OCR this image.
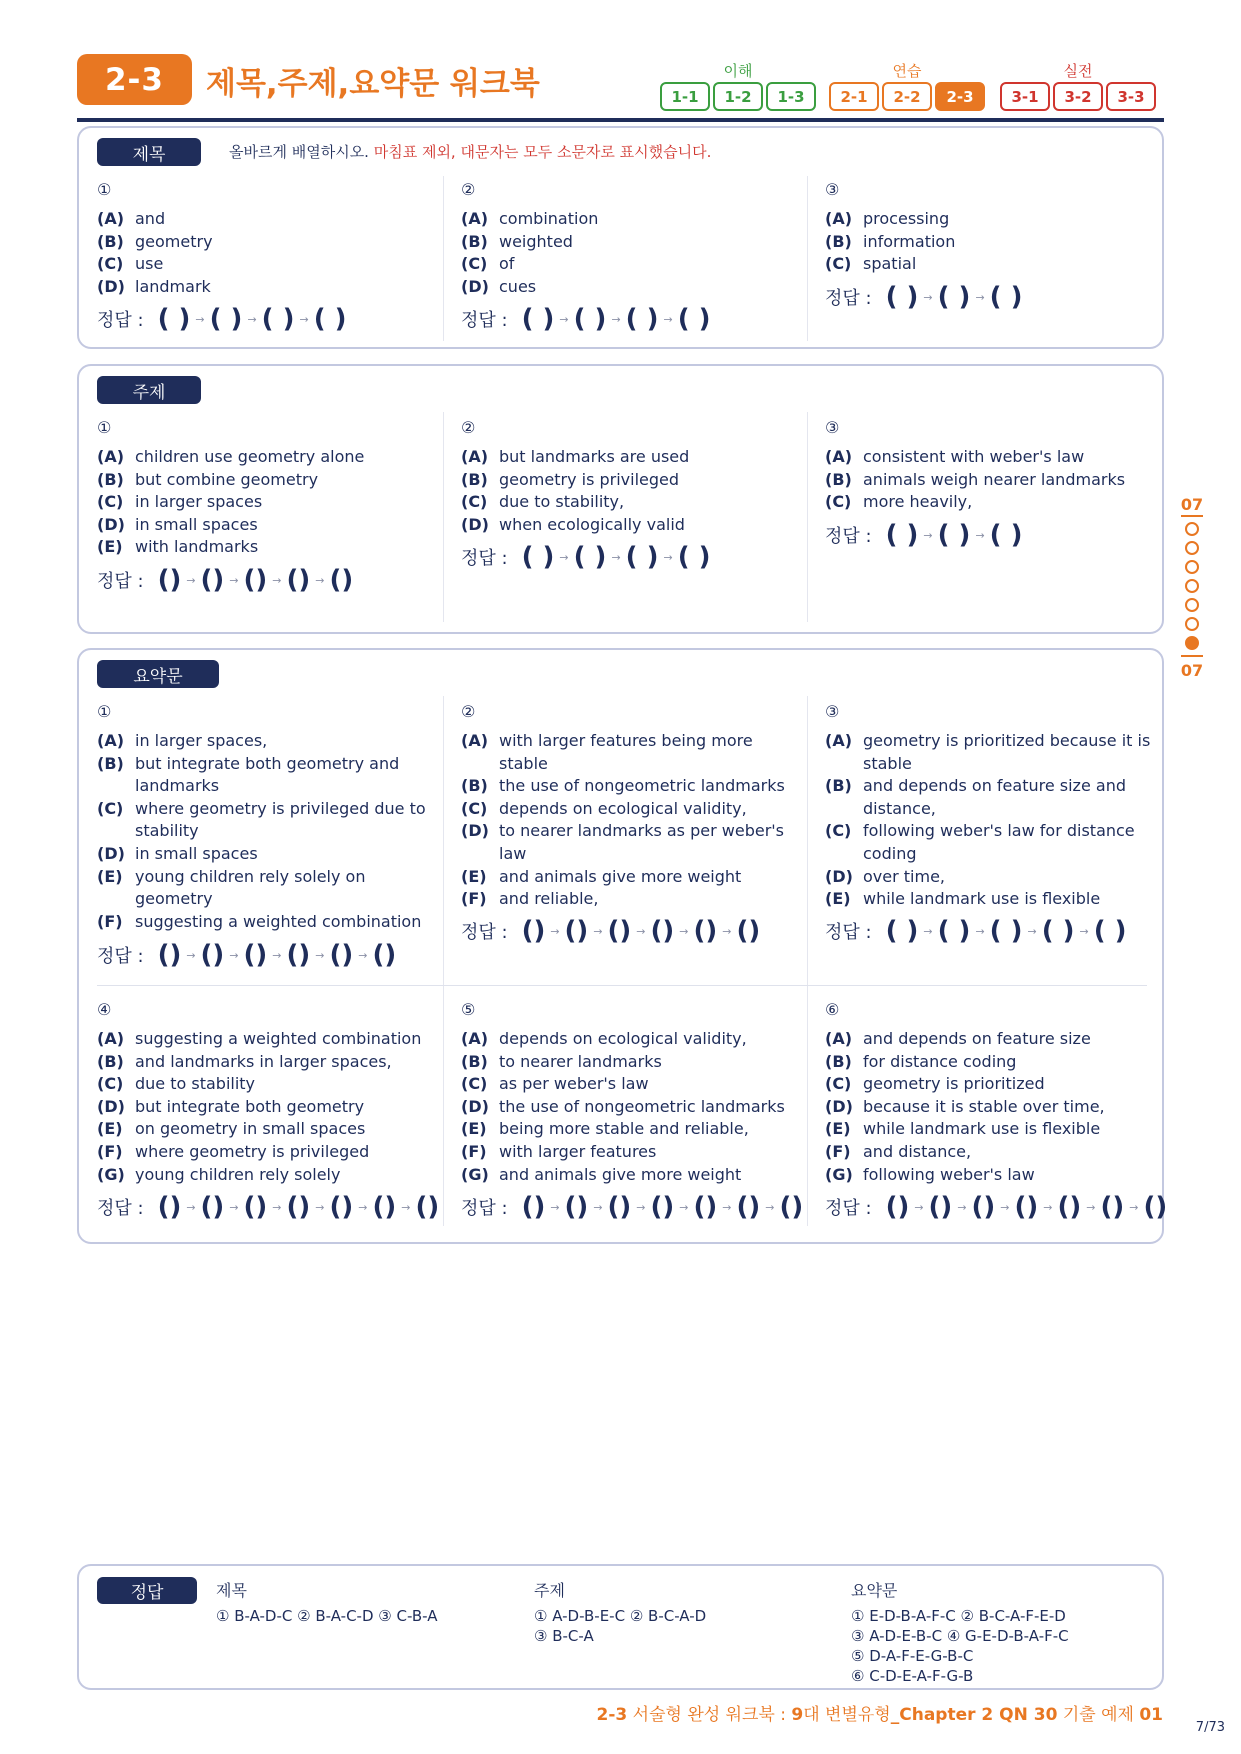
2-3	제목,주제,요약문 워크북	이해
1-1	1-2	1-3
연습
2-1	2-2	2-3
실전
3-1	3-2	3-3
제목	올바르게 배열하시오. 마침표 제외, 대문자는 모두 소문자로 표시했습니다.
①
(A) and
(B) geometry
(C) use
(D) landmark
정답 : ( ) → ( ) → ( ) → ( )
②
(A) combination
(B) weighted
(C) of
(D) cues
정답 : ( ) → ( ) → ( ) → ( )
③
(A) processing
(B) information
(C) spatial
정답 : ( ) → ( ) → ( )
주제
①
(A) children use geometry alone
(B) but combine geometry
(C) in larger spaces
(D) in small spaces
(E) with landmarks
정답 : () → () → () → () → ()
②
(A) but landmarks are used
(B) geometry is privileged
(C) due to stability,
(D) when ecologically valid
정답 : ( ) → ( ) → ( ) → ( )
③
(A) consistent with weber's law
(B) animals weigh nearer landmarks
(C) more heavily,
정답 : ( ) → ( ) → ( )
요약문
①
(A) in larger spaces,
(B) but integrate both geometry and landmarks
(C) where geometry is privileged due to stability
(D) in small spaces
(E) young children rely solely on geometry
(F) suggesting a weighted combination
정답 : () → () → () → () → () → ()
②
(A) with larger features being more stable
(B) the use of nongeometric landmarks
(C) depends on ecological validity,
(D) to nearer landmarks as per weber's law
(E) and animals give more weight
(F) and reliable,
정답 : () → () → () → () → () → ()
③
(A) geometry is prioritized because it is stable
(B) and depends on feature size and distance,
(C) following weber's law for distance coding
(D) over time,
(E) while landmark use is flexible
정답 : ( ) → ( ) → ( ) → ( ) → ( )
④
(A) suggesting a weighted combination
(B) and landmarks in larger spaces,
(C) due to stability
(D) but integrate both geometry
(E) on geometry in small spaces
(F) where geometry is privileged
(G) young children rely solely
정답 : () → () → () → () → () → () → ()
⑤
(A) depends on ecological validity,
(B) to nearer landmarks
(C) as per weber's law
(D) the use of nongeometric landmarks
(E) being more stable and reliable,
(F) with larger features
(G) and animals give more weight
정답 : () → () → () → () → () → () → ()
⑥
(A) and depends on feature size
(B) for distance coding
(C) geometry is prioritized
(D) because it is stable over time,
(E) while landmark use is flexible
(F) and distance,
(G) following weber's law
정답 : () → () → () → () → () → () → ()
07
07
정답	제목
① B-A-D-C ② B-A-C-D ③ C-B-A
주제
① A-D-B-E-C ② B-C-A-D
③ B-C-A
요약문
① E-D-B-A-F-C ② B-C-A-F-E-D
③ A-D-E-B-C ④ G-E-D-B-A-F-C
⑤ D-A-F-E-G-B-C
⑥ C-D-E-A-F-G-B
2-3 서술형 완성 워크북 : 9대 변별유형_Chapter 2 QN 30 기출 예제 01
7/73
